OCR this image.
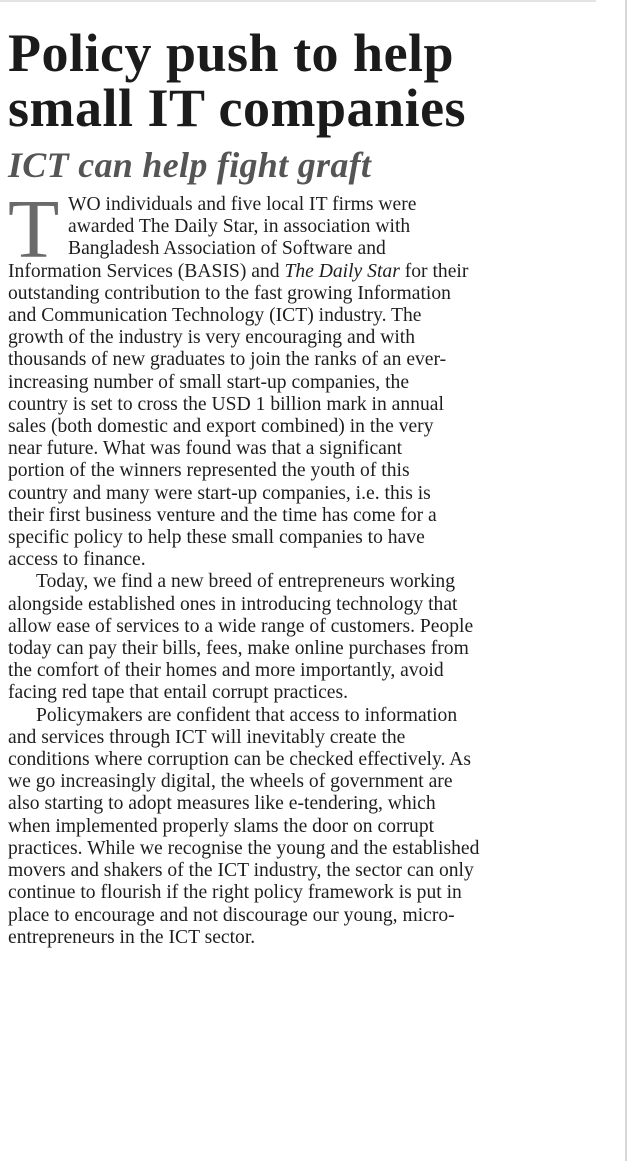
Policy push to help
small IT companies
ICT can help fight graft
T WO individuals and five local IT firms were
awarded The Daily Star, in association with
Bangladesh Association of Software and
Information Services (BASIS) and The Daily Star for their
outstanding contribution to the fast growing Information
and Communication Technology (ICT) industry. The
growth of the industry is very encouraging and with
thousands of new graduates to join the ranks of an ever-
increasing number of small start-up companies, the
country is set to cross the USD 1 billion mark in annual
sales (both domestic and export combined) in the very
near future. What was found was that a significant
portion of the winners represented the youth of this
country and many were start-up companies, i.e. this is
their first business venture and the time has come for a
specific policy to help these small companies to have
access to finance.
Today, we find a new breed of entrepreneurs working
alongside established ones in introducing technology that
allow ease of services to a wide range of customers. People
today can pay their bills, fees, make online purchases from
the comfort of their homes and more importantly, avoid
facing red tape that entail corrupt practices.
Policymakers are confident that access to information
and services through ICT will inevitably create the
conditions where corruption can be checked effectively. As
we go increasingly digital, the wheels of government are
also starting to adopt measures like e-tendering, which
when implemented properly slams the door on corrupt
practices. While we recognise the young and the established
movers and shakers of the ICT industry, the sector can only
continue to flourish if the right policy framework is put in
place to encourage and not discourage our young, micro-
entrepreneurs in the ICT sector.
